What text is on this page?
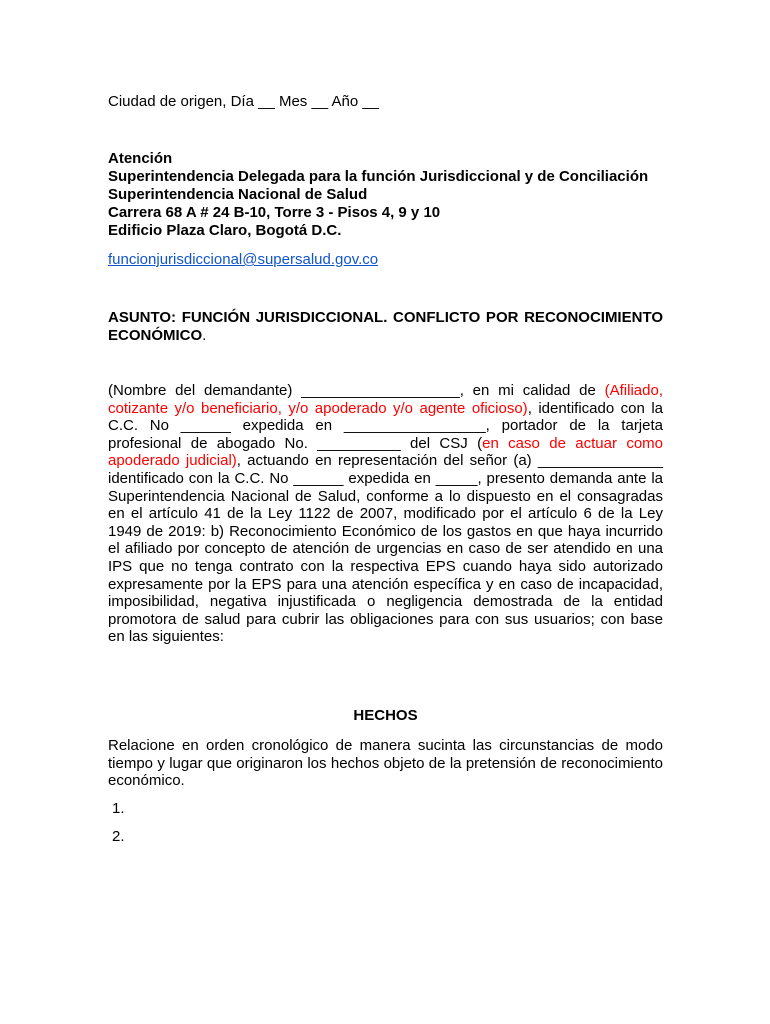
Ciudad de origen, Día __ Mes __ Año __
Atención
Superintendencia Delegada para la función Jurisdiccional y de Conciliación
Superintendencia Nacional de Salud
Carrera 68 A # 24 B-10, Torre 3 - Pisos 4, 9 y 10
Edificio Plaza Claro, Bogotá D.C.
funcionjurisdiccional@supersalud.gov.co
ASUNTO: FUNCIÓN JURISDICCIONAL. CONFLICTO POR RECONOCIMIENTO ECONÓMICO.
(Nombre del demandante) ___________________, en mi calidad de (Afiliado, cotizante y/o beneficiario, y/o apoderado y/o agente oficioso), identificado con la C.C. No ______ expedida en _________________, portador de la tarjeta profesional de abogado No. __________ del CSJ (en caso de actuar como apoderado judicial), actuando en representación del señor (a) _______________ identificado con la C.C. No ______ expedida en _____, presento demanda ante la Superintendencia Nacional de Salud, conforme a lo dispuesto en el consagradas en el artículo 41 de la Ley 1122 de 2007, modificado por el artículo 6 de la Ley 1949 de 2019: b) Reconocimiento Económico de los gastos en que haya incurrido el afiliado por concepto de atención de urgencias en caso de ser atendido en una IPS que no tenga contrato con la respectiva EPS cuando haya sido autorizado expresamente por la EPS para una atención específica y en caso de incapacidad, imposibilidad, negativa injustificada o negligencia demostrada de la entidad promotora de salud para cubrir las obligaciones para con sus usuarios; con base en las siguientes:
HECHOS
Relacione en orden cronológico de manera sucinta las circunstancias de modo tiempo y lugar que originaron los hechos objeto de la pretensión de reconocimiento económico.
1.
2.
